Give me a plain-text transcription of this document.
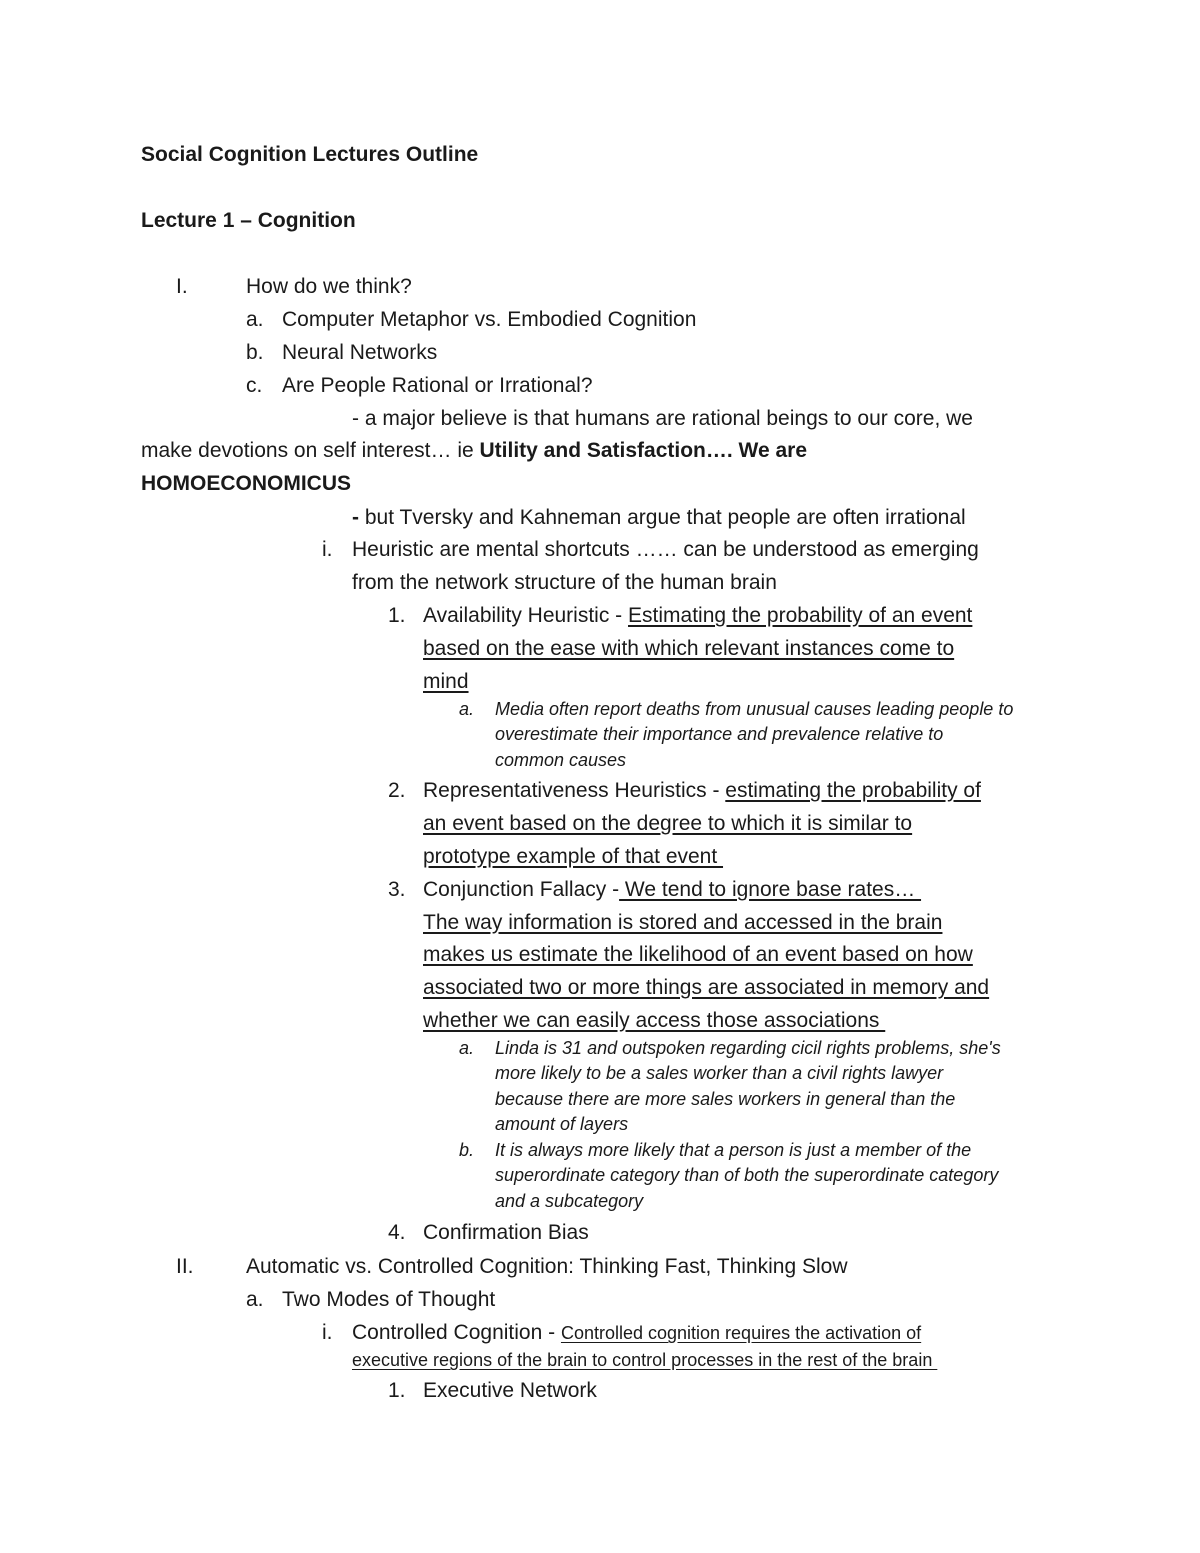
Social Cognition Lectures Outline
Lecture 1 – Cognition
I.	How do we think?
a. Computer Metaphor vs. Embodied Cognition
b. Neural Networks
c. Are People Rational or Irrational?
- a major believe is that humans are rational beings to our core, we
make devotions on self interest… ie Utility and Satisfaction…. We are
HOMOECONOMICUS
- but Tversky and Kahneman argue that people are often irrational
i. Heuristic are mental shortcuts …… can be understood as emerging
from the network structure of the human brain
1. Availability Heuristic - Estimating the probability of an event
based on the ease with which relevant instances come to
mind
a. Media often report deaths from unusual causes leading people to
overestimate their importance and prevalence relative to
common causes
2. Representativeness Heuristics - estimating the probability of
an event based on the degree to which it is similar to
prototype example of that event
3. Conjunction Fallacy - We tend to ignore base rates…
The way information is stored and accessed in the brain
makes us estimate the likelihood of an event based on how
associated two or more things are associated in memory and
whether we can easily access those associations
a. Linda is 31 and outspoken regarding cicil rights problems, she's
more likely to be a sales worker than a civil rights lawyer
because there are more sales workers in general than the
amount of layers
b. It is always more likely that a person is just a member of the
superordinate category than of both the superordinate category
and a subcategory
4. Confirmation Bias
II. Automatic vs. Controlled Cognition: Thinking Fast, Thinking Slow
a. Two Modes of Thought
i. Controlled Cognition - Controlled cognition requires the activation of
executive regions of the brain to control processes in the rest of the brain
1. Executive Network
